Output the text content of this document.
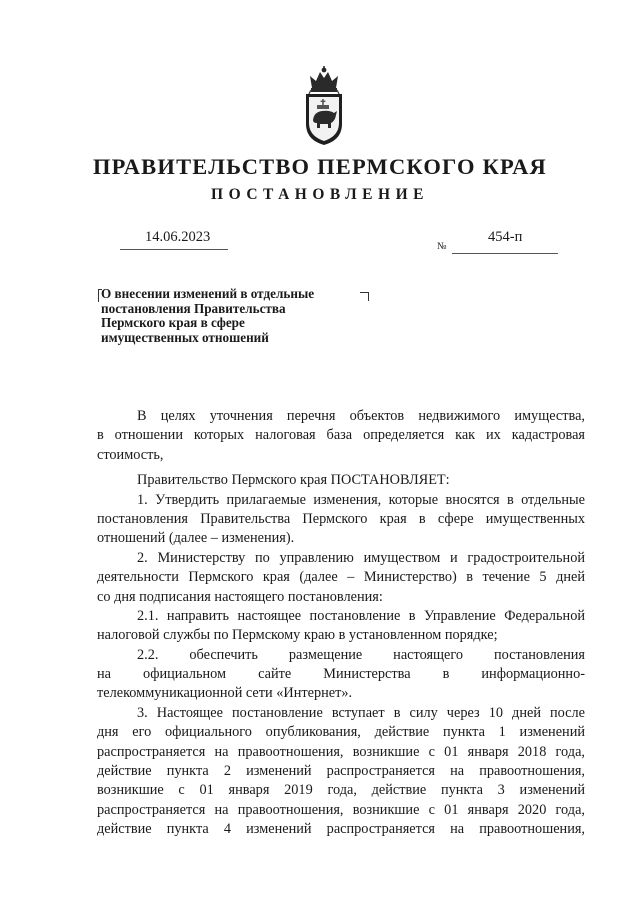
ПРАВИТЕЛЬСТВО ПЕРМСКОГО КРАЯ
ПОСТАНОВЛЕНИЕ
14.06.2023
№
454-п
О внесении изменений в отдельные
постановления Правительства
Пермского края в сфере
имущественных отношений
В целях уточнения перечня объектов недвижимого имущества,
в отношении которых налоговая база определяется как их кадастровая
стоимость,
Правительство Пермского края ПОСТАНОВЛЯЕТ:
1. Утвердить прилагаемые изменения, которые вносятся в отдельные
постановления Правительства Пермского края в сфере имущественных
отношений (далее – изменения).
2. Министерству по управлению имуществом и градостроительной
деятельности Пермского края (далее – Министерство) в течение 5 дней
со дня подписания настоящего постановления:
2.1. направить настоящее постановление в Управление Федеральной
налоговой службы по Пермскому краю в установленном порядке;
2.2. обеспечить размещение настоящего постановления
на официальном сайте Министерства в информационно-
телекоммуникационной сети «Интернет».
3. Настоящее постановление вступает в силу через 10 дней после
дня его официального опубликования, действие пункта 1 изменений
распространяется на правоотношения, возникшие с 01 января 2018 года,
действие пункта 2 изменений распространяется на правоотношения,
возникшие с 01 января 2019 года, действие пункта 3 изменений
распространяется на правоотношения, возникшие с 01 января 2020 года,
действие пункта 4 изменений распространяется на правоотношения,
